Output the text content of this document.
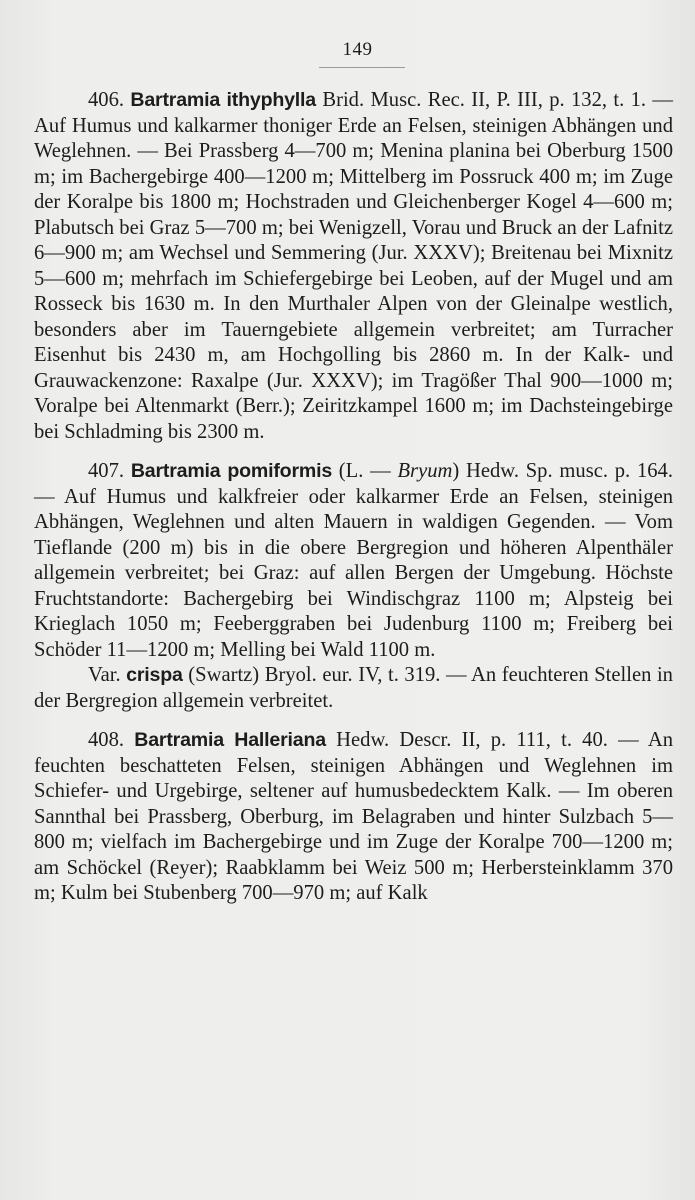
149

406. Bartramia ithyphylla Brid. Musc. Rec. II, P. III, p. 132, t. 1. — Auf Humus und kalkarmer thoniger Erde an Felsen, steinigen Abhängen und Weglehnen. — Bei Prassberg 4—700 m; Menina planina bei Oberburg 1500 m; im Bachergebirge 400—1200 m; Mittelberg im Possruck 400 m; im Zuge der Koralpe bis 1800 m; Hochstraden und Gleichenberger Kogel 4—600 m; Plabutsch bei Graz 5—700 m; bei Wenigzell, Vorau und Bruck an der Lafnitz 6—900 m; am Wechsel und Semmering (Jur. XXXV); Breitenau bei Mixnitz 5—600 m; mehrfach im Schiefergebirge bei Leoben, auf der Mugel und am Rosseck bis 1630 m. In den Murthaler Alpen von der Gleinalpe westlich, besonders aber im Tauerngebiete allgemein verbreitet; am Turracher Eisenhut bis 2430 m, am Hochgolling bis 2860 m. In der Kalk- und Grauwackenzone: Raxalpe (Jur. XXXV); im Tragößer Thal 900—1000 m; Voralpe bei Altenmarkt (Berr.); Zeiritzkampel 1600 m; im Dachsteingebirge bei Schladming bis 2300 m.

407. Bartramia pomiformis (L. — Bryum) Hedw. Sp. musc. p. 164. — Auf Humus und kalkfreier oder kalkarmer Erde an Felsen, steinigen Abhängen, Weglehnen und alten Mauern in waldigen Gegenden. — Vom Tieflande (200 m) bis in die obere Bergregion und höheren Alpenthäler allgemein verbreitet; bei Graz: auf allen Bergen der Umgebung. Höchste Fruchtstandorte: Bachergebirg bei Windischgraz 1100 m; Alpsteig bei Krieglach 1050 m; Feeberggraben bei Judenburg 1100 m; Freiberg bei Schöder 11—1200 m; Melling bei Wald 1100 m.

Var. crispa (Swartz) Bryol. eur. IV, t. 319. — An feuchteren Stellen in der Bergregion allgemein verbreitet.

408. Bartramia Halleriana Hedw. Descr. II, p. 111, t. 40. — An feuchten beschatteten Felsen, steinigen Abhängen und Weglehnen im Schiefer- und Urgebirge, seltener auf humusbedecktem Kalk. — Im oberen Sannthal bei Prassberg, Oberburg, im Belagraben und hinter Sulzbach 5—800 m; vielfach im Bachergebirge und im Zuge der Koralpe 700—1200 m; am Schöckel (Reyer); Raabklamm bei Weiz 500 m; Herbersteinklamm 370 m; Kulm bei Stubenberg 700—970 m; auf Kalk
